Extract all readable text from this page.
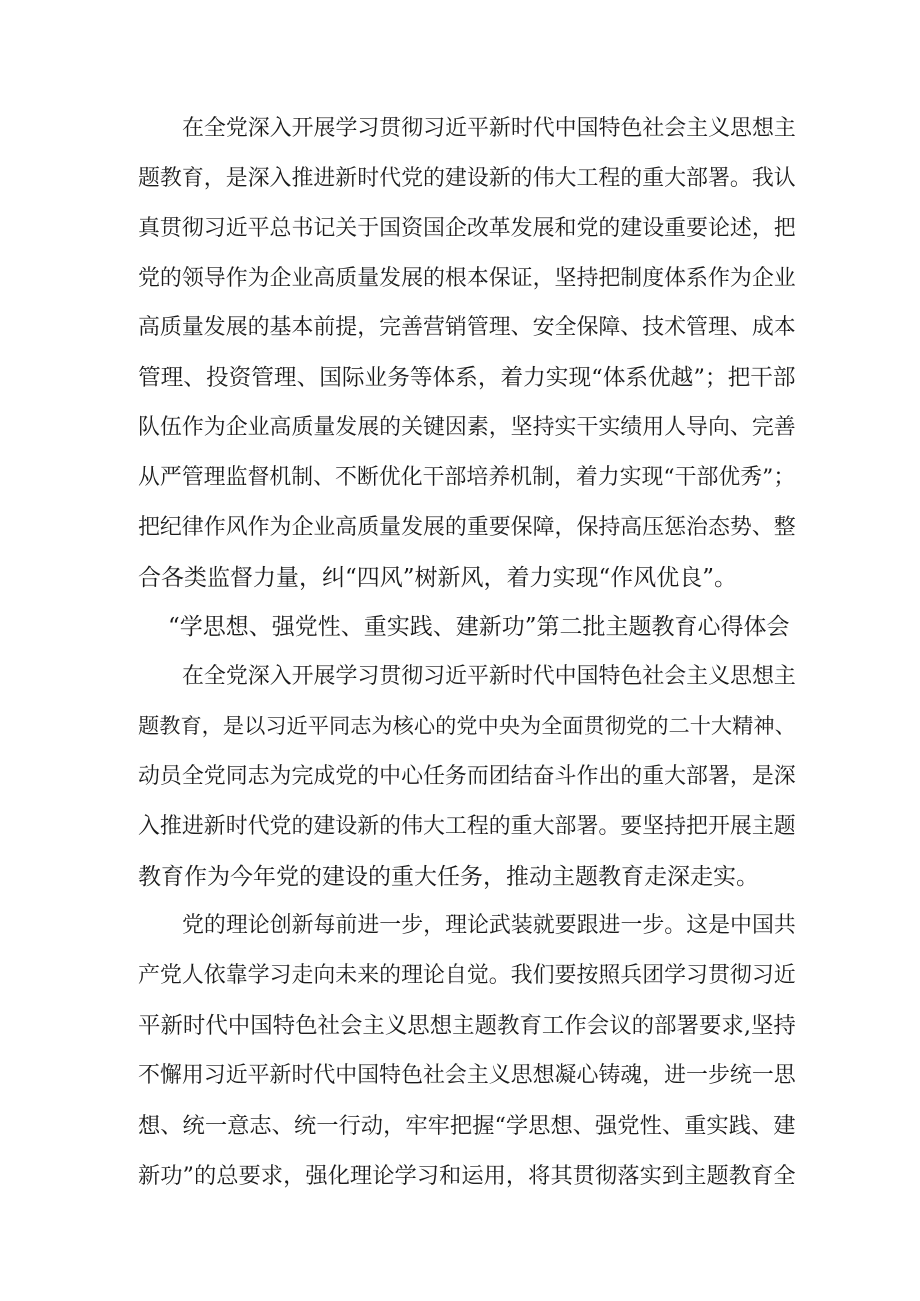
在全党深入开展学习贯彻习近平新时代中国特色社会主义思想主
题教育，是深入推进新时代党的建设新的伟大工程的重大部署。我认
真贯彻习近平总书记关于国资国企改革发展和党的建设重要论述，把
党的领导作为企业高质量发展的根本保证，坚持把制度体系作为企业
高质量发展的基本前提，完善营销管理、安全保障、技术管理、成本
管理、投资管理、国际业务等体系，着力实现“体系优越”；把干部
队伍作为企业高质量发展的关键因素，坚持实干实绩用人导向、完善
从严管理监督机制、不断优化干部培养机制，着力实现“干部优秀”；
把纪律作风作为企业高质量发展的重要保障，保持高压惩治态势、整
合各类监督力量，纠“四风”树新风，着力实现“作风优良”。
“学思想、强党性、重实践、建新功”第二批主题教育心得体会
在全党深入开展学习贯彻习近平新时代中国特色社会主义思想主
题教育，是以习近平同志为核心的党中央为全面贯彻党的二十大精神、
动员全党同志为完成党的中心任务而团结奋斗作出的重大部署，是深
入推进新时代党的建设新的伟大工程的重大部署。要坚持把开展主题
教育作为今年党的建设的重大任务，推动主题教育走深走实。
党的理论创新每前进一步，理论武装就要跟进一步。这是中国共
产党人依靠学习走向未来的理论自觉。我们要按照兵团学习贯彻习近
平新时代中国特色社会主义思想主题教育工作会议的部署要求,坚持
不懈用习近平新时代中国特色社会主义思想凝心铸魂，进一步统一思
想、统一意志、统一行动，牢牢把握“学思想、强党性、重实践、建
新功”的总要求，强化理论学习和运用，将其贯彻落实到主题教育全
